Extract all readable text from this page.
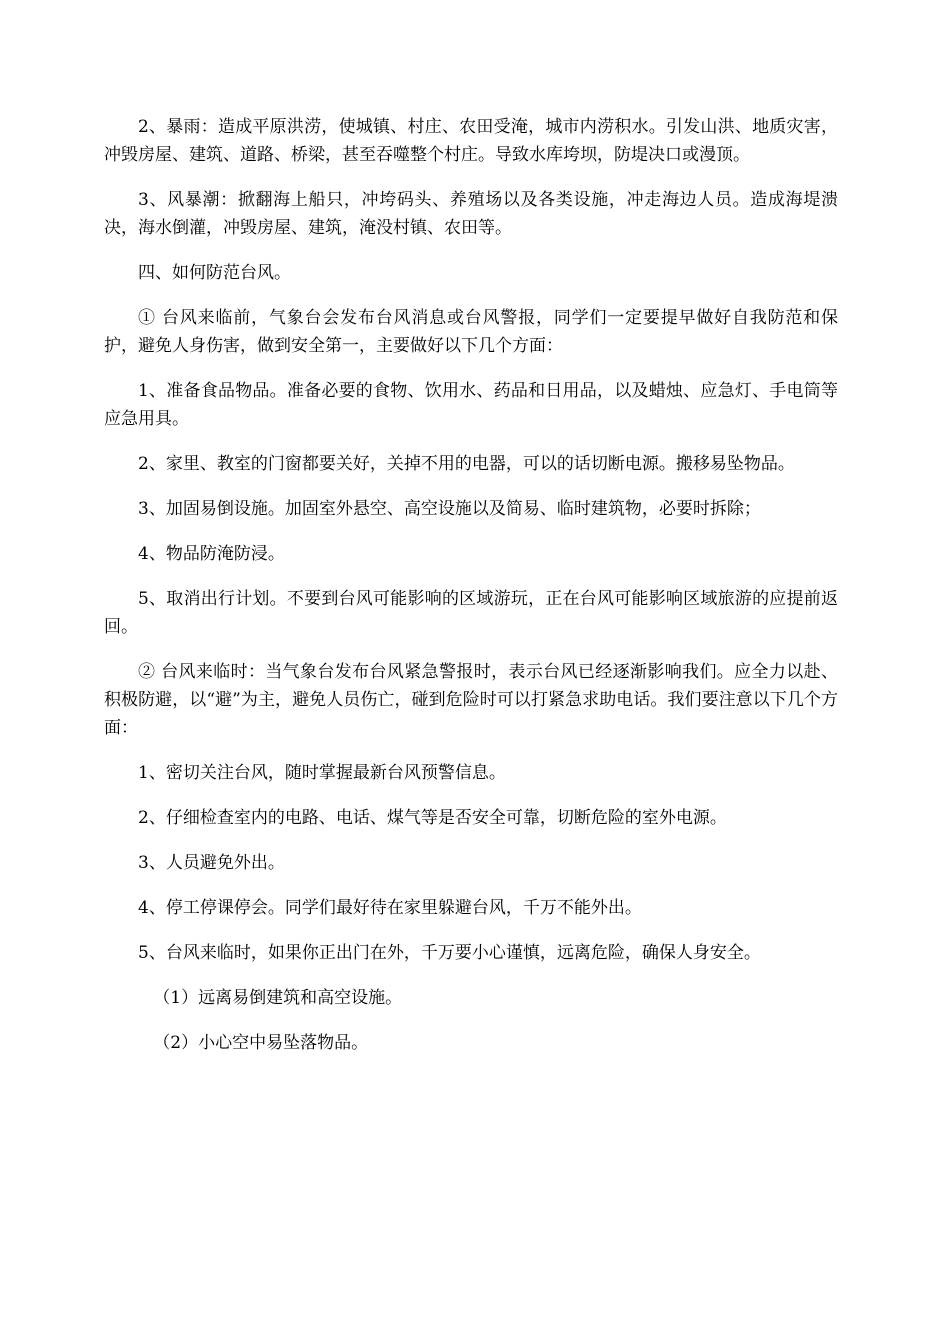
2、暴雨：造成平原洪涝，使城镇、村庄、农田受淹，城市内涝积水。引发山洪、地质灾害，冲毁房屋、建筑、道路、桥梁，甚至吞噬整个村庄。导致水库垮坝，防堤决口或漫顶。

3、风暴潮：掀翻海上船只，冲垮码头、养殖场以及各类设施，冲走海边人员。造成海堤溃决，海水倒灌，冲毁房屋、建筑，淹没村镇、农田等。

四、如何防范台风。

① 台风来临前，气象台会发布台风消息或台风警报，同学们一定要提早做好自我防范和保护，避免人身伤害，做到安全第一，主要做好以下几个方面：

1、准备食品物品。准备必要的食物、饮用水、药品和日用品，以及蜡烛、应急灯、手电筒等应急用具。

2、家里、教室的门窗都要关好，关掉不用的电器，可以的话切断电源。搬移易坠物品。

3、加固易倒设施。加固室外悬空、高空设施以及简易、临时建筑物，必要时拆除；

4、物品防淹防浸。

5、取消出行计划。不要到台风可能影响的区域游玩，正在台风可能影响区域旅游的应提前返回。

② 台风来临时：当气象台发布台风紧急警报时，表示台风已经逐渐影响我们。应全力以赴、积极防避，以“避”为主，避免人员伤亡，碰到危险时可以打紧急求助电话。我们要注意以下几个方面：

1、密切关注台风，随时掌握最新台风预警信息。

2、仔细检查室内的电路、电话、煤气等是否安全可靠，切断危险的室外电源。

3、人员避免外出。

4、停工停课停会。同学们最好待在家里躲避台风，千万不能外出。

5、台风来临时，如果你正出门在外，千万要小心谨慎，远离危险，确保人身安全。

（1）远离易倒建筑和高空设施。

（2）小心空中易坠落物品。
